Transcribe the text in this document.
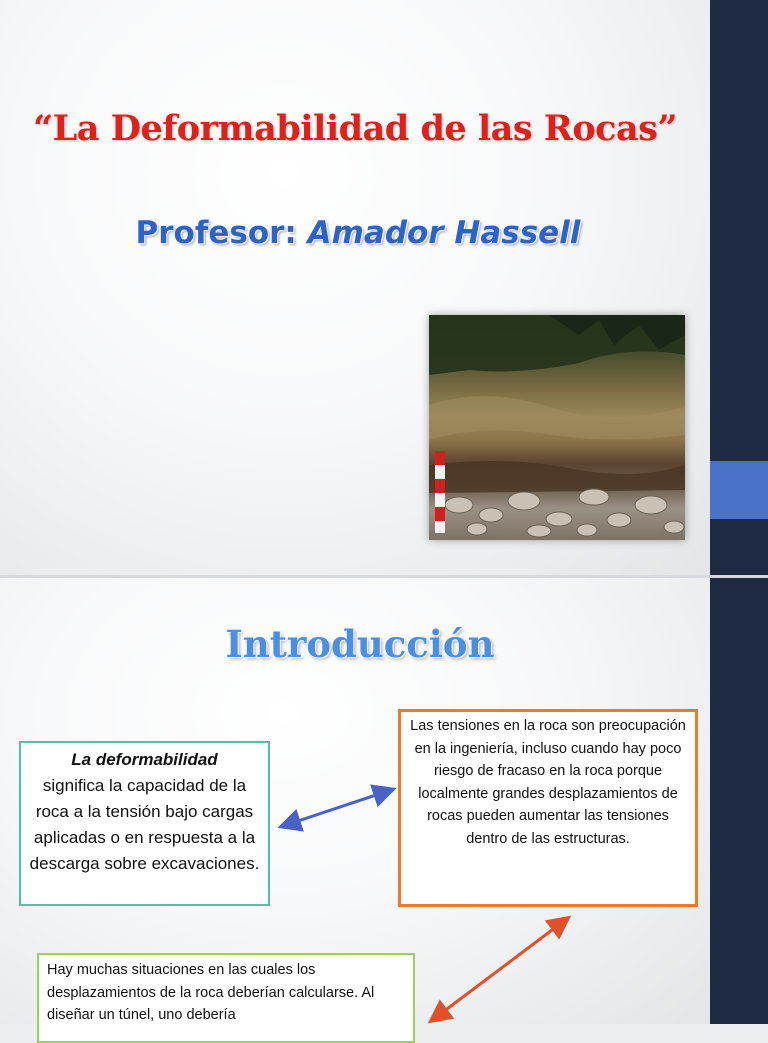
“La Deformabilidad de las Rocas”
Profesor: Amador Hassell
Introducción
La deformabilidad
significa la capacidad de la roca a la tensión bajo cargas aplicadas o en respuesta a la descarga sobre excavaciones.
Las tensiones en la roca son preocupación en la ingeniería, incluso cuando hay poco riesgo de fracaso en la roca porque localmente grandes desplazamientos de rocas pueden aumentar las tensiones dentro de las estructuras.
Hay muchas situaciones en las cuales los desplazamientos de la roca deberían calcularse. Al diseñar un túnel, uno debería
